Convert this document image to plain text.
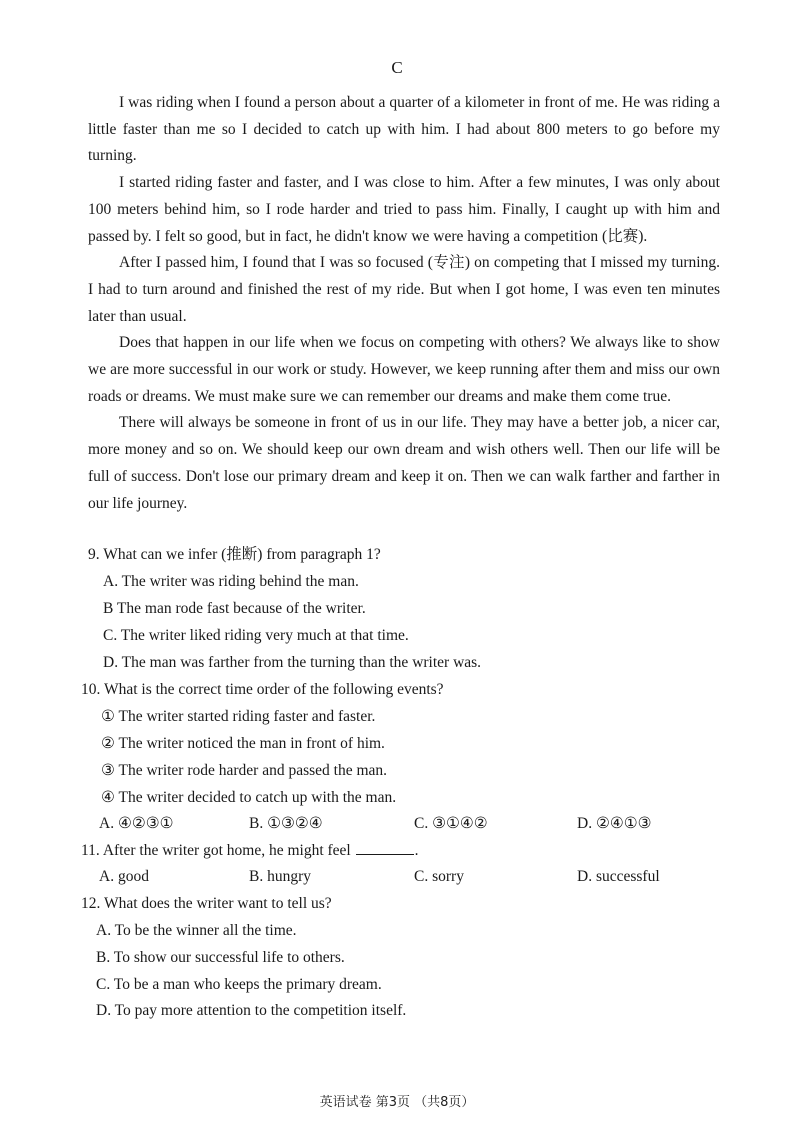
C

I was riding when I found a person about a quarter of a kilometer in front of me. He was riding a little faster than me so I decided to catch up with him. I had about 800 meters to go before my turning.

I started riding faster and faster, and I was close to him. After a few minutes, I was only about 100 meters behind him, so I rode harder and tried to pass him. Finally, I caught up with him and passed by. I felt so good, but in fact, he didn't know we were having a competition (比赛).

After I passed him, I found that I was so focused (专注) on competing that I missed my turning. I had to turn around and finished the rest of my ride. But when I got home, I was even ten minutes later than usual.

Does that happen in our life when we focus on competing with others? We always like to show we are more successful in our work or study. However, we keep running after them and miss our own roads or dreams. We must make sure we can remember our dreams and make them come true.

There will always be someone in front of us in our life. They may have a better job, a nicer car, more money and so on. We should keep our own dream and wish others well. Then our life will be full of success. Don't lose our primary dream and keep it on. Then we can walk farther and farther in our life journey.

9. What can we infer (推断) from paragraph 1?
A. The writer was riding behind the man.
B The man rode fast because of the writer.
C. The writer liked riding very much at that time.
D. The man was farther from the turning than the writer was.
10. What is the correct time order of the following events?
① The writer started riding faster and faster.
② The writer noticed the man in front of him.
③ The writer rode harder and passed the man.
④ The writer decided to catch up with the man.
A. ④②③①	B. ①③②④	C. ③①④②	D. ②④①③
11. After the writer got home, he might feel	.
A. good	B. hungry	C. sorry	D. successful
12. What does the writer want to tell us?
A. To be the winner all the time.
B. To show our successful life to others.
C. To be a man who keeps the primary dream.
D. To pay more attention to the competition itself.
英语试卷 第3页 （共8页）
